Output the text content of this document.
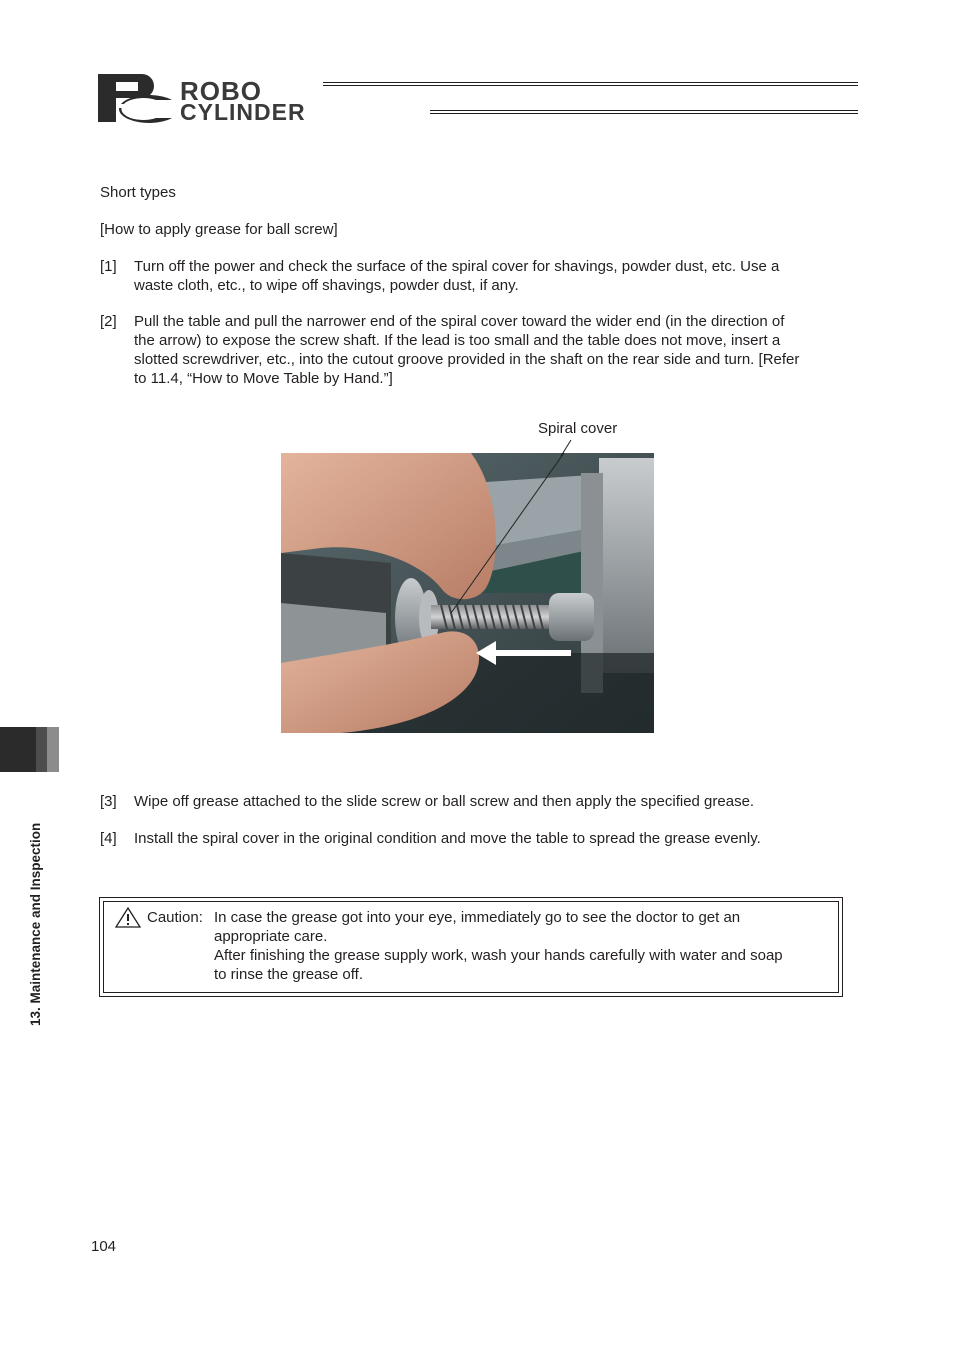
ROBO
CYLINDER
Short types
[How to apply grease for ball screw]
[1]	Turn off the power and check the surface of the spiral cover for shavings, powder dust, etc. Use a
waste cloth, etc., to wipe off shavings, powder dust, if any.
[2]	Pull the table and pull the narrower end of the spiral cover toward the wider end (in the direction of
the arrow) to expose the screw shaft. If the lead is too small and the table does not move, insert a
slotted screwdriver, etc., into the cutout groove provided in the shaft on the rear side and turn. [Refer
to 11.4, “How to Move Table by Hand.”]
Spiral cover
[3]	Wipe off grease attached to the slide screw or ball screw and then apply the specified grease.
[4]	Install the spiral cover in the original condition and move the table to spread the grease evenly.
Caution: In case the grease got into your eye, immediately go to see the doctor to get an
appropriate care.
After finishing the grease supply work, wash your hands carefully with water and soap
to rinse the grease off.
13. Maintenance and Inspection
104
